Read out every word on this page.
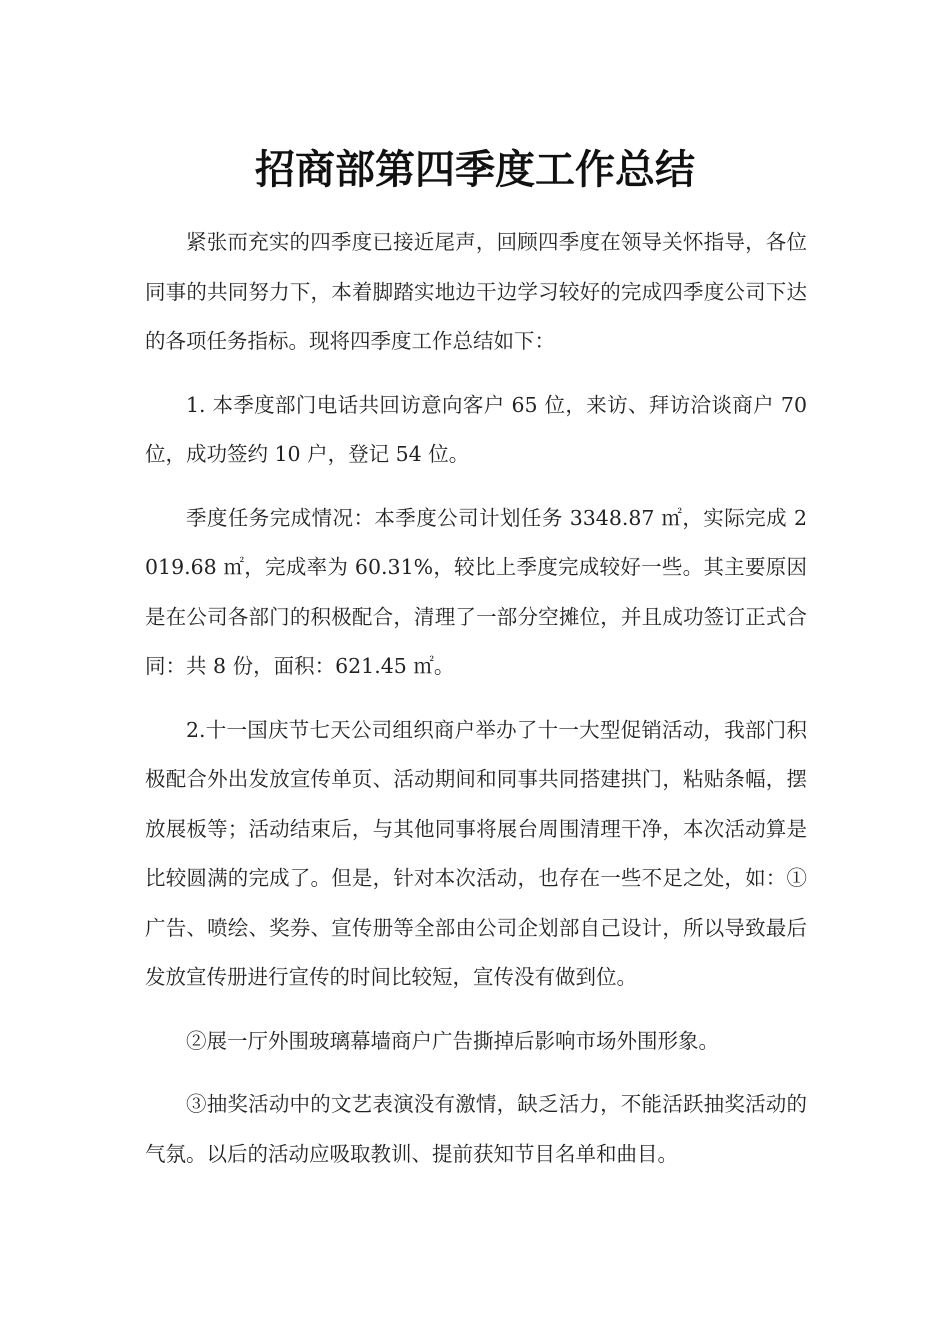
招商部第四季度工作总结

紧张而充实的四季度已接近尾声，回顾四季度在领导关怀指导，各位同事的共同努力下，本着脚踏实地边干边学习较好的完成四季度公司下达的各项任务指标。现将四季度工作总结如下：

1. 本季度部门电话共回访意向客户 65 位，来访、拜访洽谈商户 70 位，成功签约 10 户，登记 54 位。

季度任务完成情况：本季度公司计划任务 3348.87 ㎡，实际完成 2019.68 ㎡，完成率为 60.31%，较比上季度完成较好一些。其主要原因是在公司各部门的积极配合，清理了一部分空摊位，并且成功签订正式合同：共 8 份，面积：621.45 ㎡。

2.十一国庆节七天公司组织商户举办了十一大型促销活动，我部门积极配合外出发放宣传单页、活动期间和同事共同搭建拱门，粘贴条幅，摆放展板等；活动结束后，与其他同事将展台周围清理干净，本次活动算是比较圆满的完成了。但是，针对本次活动，也存在一些不足之处，如：①广告、喷绘、奖券、宣传册等全部由公司企划部自己设计，所以导致最后发放宣传册进行宣传的时间比较短，宣传没有做到位。

②展一厅外围玻璃幕墙商户广告撕掉后影响市场外围形象。

③抽奖活动中的文艺表演没有激情，缺乏活力，不能活跃抽奖活动的气氛。以后的活动应吸取教训、提前获知节目名单和曲目。
